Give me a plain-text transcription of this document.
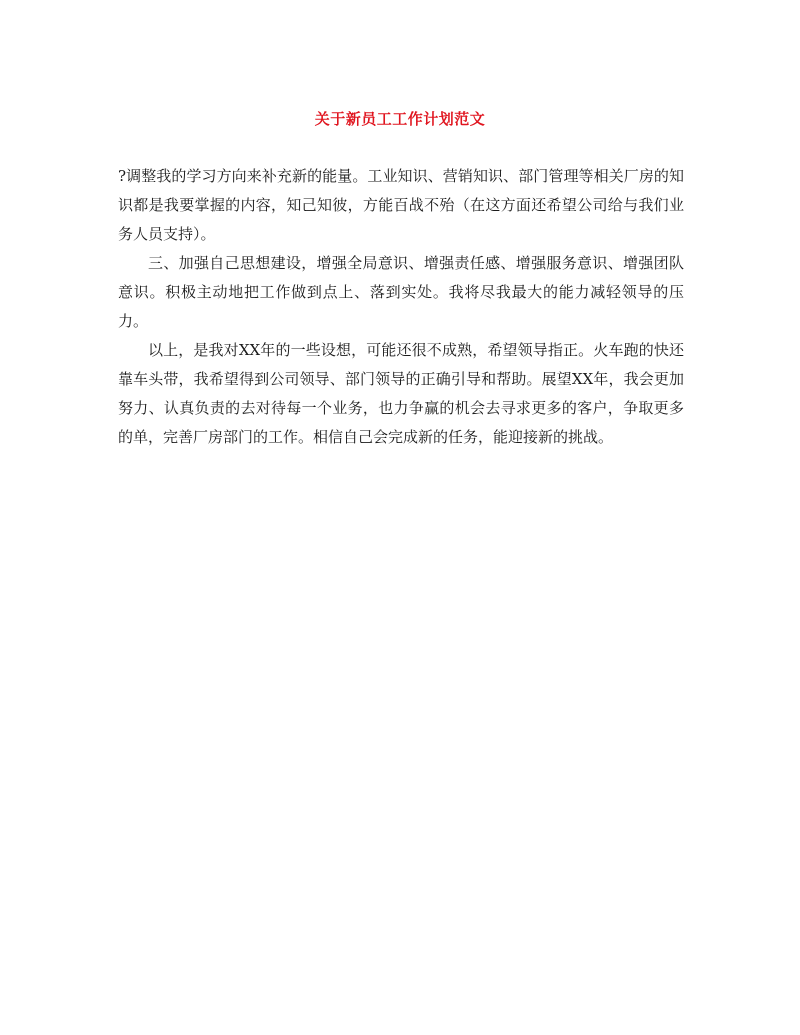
关于新员工工作计划范文

?调整我的学习方向来补充新的能量。工业知识、营销知识、部门管理等相关厂房的知识都是我要掌握的内容，知己知彼，方能百战不殆（在这方面还希望公司给与我们业务人员支持）。

三、加强自己思想建设，增强全局意识、增强责任感、增强服务意识、增强团队意识。积极主动地把工作做到点上、落到实处。我将尽我最大的能力减轻领导的压力。

以上，是我对XX年的一些设想，可能还很不成熟，希望领导指正。火车跑的快还靠车头带，我希望得到公司领导、部门领导的正确引导和帮助。展望XX年，我会更加努力、认真负责的去对待每一个业务，也力争赢的机会去寻求更多的客户，争取更多的单，完善厂房部门的工作。相信自己会完成新的任务，能迎接新的挑战。
